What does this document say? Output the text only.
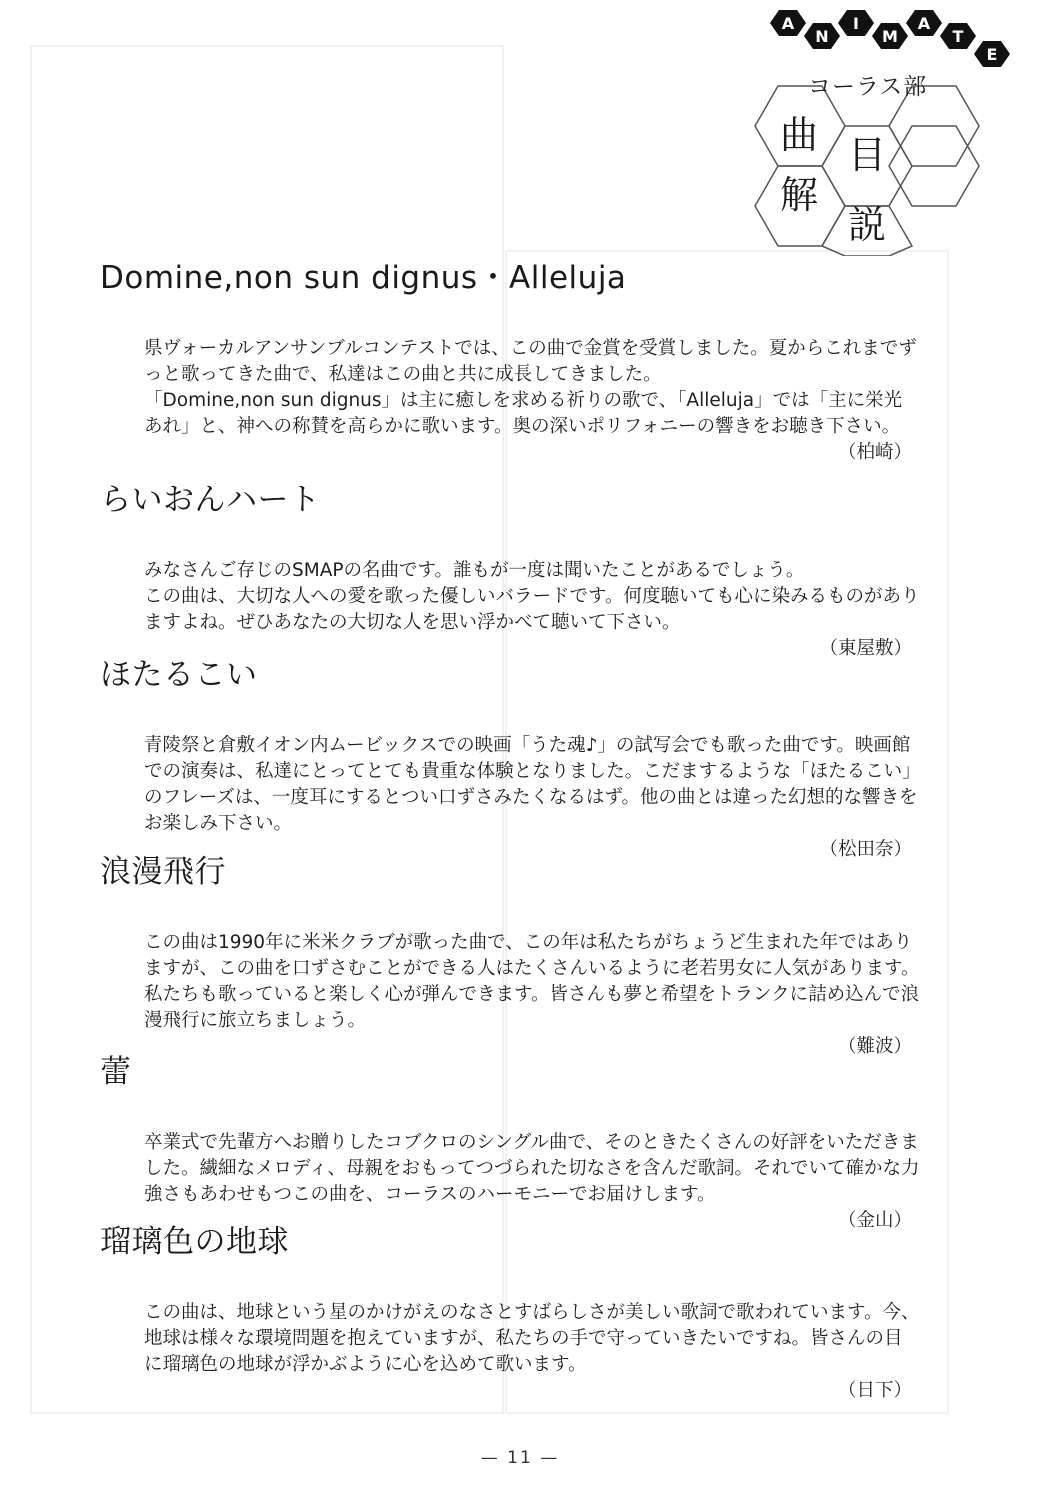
A
N
I
M
A
T
E
コーラス部
曲 目
解
説
Domine,non sun dignus・Alleluja

県ヴォーカルアンサンブルコンテストでは、この曲で金賞を受賞しました。夏からこれまでずっと歌ってきた曲で、私達はこの曲と共に成長してきました。
「Domine,non sun dignus」は主に癒しを求める祈りの歌で、「Alleluja」では「主に栄光あれ」と、神への称賛を高らかに歌います。奥の深いポリフォニーの響きをお聴き下さい。

（柏崎）

らいおんハート

みなさんご存じのSMAPの名曲です。誰もが一度は聞いたことがあるでしょう。
この曲は、大切な人への愛を歌った優しいバラードです。何度聴いても心に染みるものがありますよね。ぜひあなたの大切な人を思い浮かべて聴いて下さい。

（東屋敷）

ほたるこい

青陵祭と倉敷イオン内ムービックスでの映画「うた魂♪」の試写会でも歌った曲です。映画館での演奏は、私達にとってとても貴重な体験となりました。こだまするような「ほたるこい」のフレーズは、一度耳にするとつい口ずさみたくなるはず。他の曲とは違った幻想的な響きをお楽しみ下さい。

（松田奈）

浪漫飛行

この曲は1990年に米米クラブが歌った曲で、この年は私たちがちょうど生まれた年ではありますが、この曲を口ずさむことができる人はたくさんいるように老若男女に人気があります。私たちも歌っていると楽しく心が弾んできます。皆さんも夢と希望をトランクに詰め込んで浪漫飛行に旅立ちましょう。

（難波）

蕾

卒業式で先輩方へお贈りしたコブクロのシングル曲で、そのときたくさんの好評をいただきました。繊細なメロディ、母親をおもってつづられた切なさを含んだ歌詞。それでいて確かな力強さもあわせもつこの曲を、コーラスのハーモニーでお届けします。

（金山）

瑠璃色の地球

この曲は、地球という星のかけがえのなさとすばらしさが美しい歌詞で歌われています。今、地球は様々な環境問題を抱えていますが、私たちの手で守っていきたいですね。皆さんの目に瑠璃色の地球が浮かぶように心を込めて歌います。

（日下）

— 11 —
